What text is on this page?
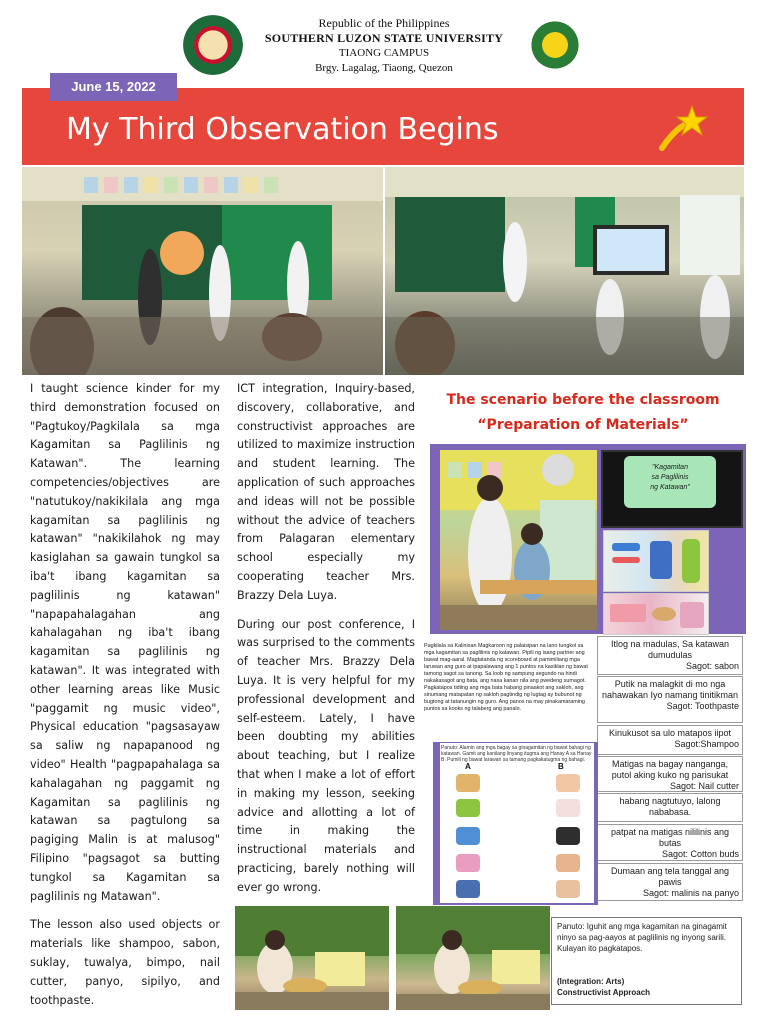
Republic of the Philippines
SOUTHERN LUZON STATE UNIVERSITY
TIAONG CAMPUS
Brgy. Lagalag, Tiaong, Quezon
June 15, 2022
My Third Observation Begins

I taught science kinder for my third demonstration focused on "Pagtukoy/Pagkilala sa mga Kagamitan sa Paglilinis ng Katawan". The learning competencies/objectives are "natutukoy/nakikilala ang mga kagamitan sa paglilinis ng katawan" "nakikilahok ng may kasiglahan sa gawain tungkol sa iba't ibang kagamitan sa paglilinis ng katawan" "napapahalagahan ang kahalagahan ng iba't ibang kagamitan sa paglilinis ng katawan". It was integrated with other learning areas like Music "paggamit ng music video", Physical education "pagsasayaw sa saliw ng napapanood ng video" Health "pagpapahalaga sa kahalagahan ng paggamit ng Kagamitan sa paglilinis ng katawan sa pagtulong sa pagiging Malin is at malusog" Filipino "pagsagot sa butting tungkol sa Kagamitan sa paglilinis ng Matawan".

The lesson also used objects or materials like shampoo, sabon, suklay, tuwalya, bimpo, nail cutter, panyo, sipilyo, and toothpaste.

ICT integration, Inquiry-based, discovery, collaborative, and constructivist approaches are utilized to maximize instruction and student learning. The application of such approaches and ideas will not be possible without the advice of teachers from Palagaran elementary school especially my cooperating teacher Mrs. Brazzy Dela Luya.

During our post conference, I was surprised to the comments of teacher Mrs. Brazzy Dela Luya. It is very helpful for my professional development and self-esteem. Lately, I have been doubting my abilities about teaching, but I realize that when I make a lot of effort in making my lesson, seeking advice and allotting a lot of time in making the instructional materials and practicing, barely nothing will ever go wrong.

The scenario before the classroom
“Preparation of Materials”
"Kagamitan
sa Paglilinis
ng Katawan"
Pagkilala sa Kalinisan Magkaroon ng palaisipan na lano tungkol sa mga kagamitan sa paglilinis ng katawan. Pipili ng isang partner ang bawat mag-aaral. Magtatanda ng scoreboard at pamimiliang mga laruwan ang guro at ipapalawang ang 1 puntos na kasiklan ng bawat tamong sagot sa tanong. Sa loob ng sampung segundo na hindi nakakasagot ang bata, ang nasa kanan nila ang pwedeng sumagot. Pagkatapos tidiing ang mga bata habang pinaakot ang sakloh, ang sinumang matapatan ng sakloh pagtindig ng lugtag ay bubunot ng bugtong at tatanungin ng guro. Ang panos na may pinakamaraming puntos sa kooks ng talaberg ang panalo.
Itlog na madulas, Sa katawan dumudulas
Sagot: sabon
Putik na malagkit di mo nga nahawakan Iyo namang tinitikman
Sagot: Toothpaste
Kinukusot sa ulo matapos iipot
Sagot:Shampoo
Matigas na bagay nanganga, putol aking kuko ng parisukat
Sagot: Nail cutter
habang nagtutuyo, lalong nababasa.
patpat na matigas nililinis ang butas
Sagot: Cotton buds
Dumaan ang tela tanggal ang pawis
Sagot: malinis na panyo
Panuto: Alamin ang mga bagay sa ginagamitan ng bawat bahagi ng katawan. Gamit ang kanilang linyang itugma ang Hanay A sa Hanay B. Pumili ng bawat larawan sa tamang pagkakatugma ng bahagi.
A	B
Panuto: Iguhit ang mga kagamitan na ginagamit ninyo sa pag-aayos at paglilinis ng inyong sarili. Kulayan ito pagkatapos.
(Integration: Arts)
Constructivist Approach
